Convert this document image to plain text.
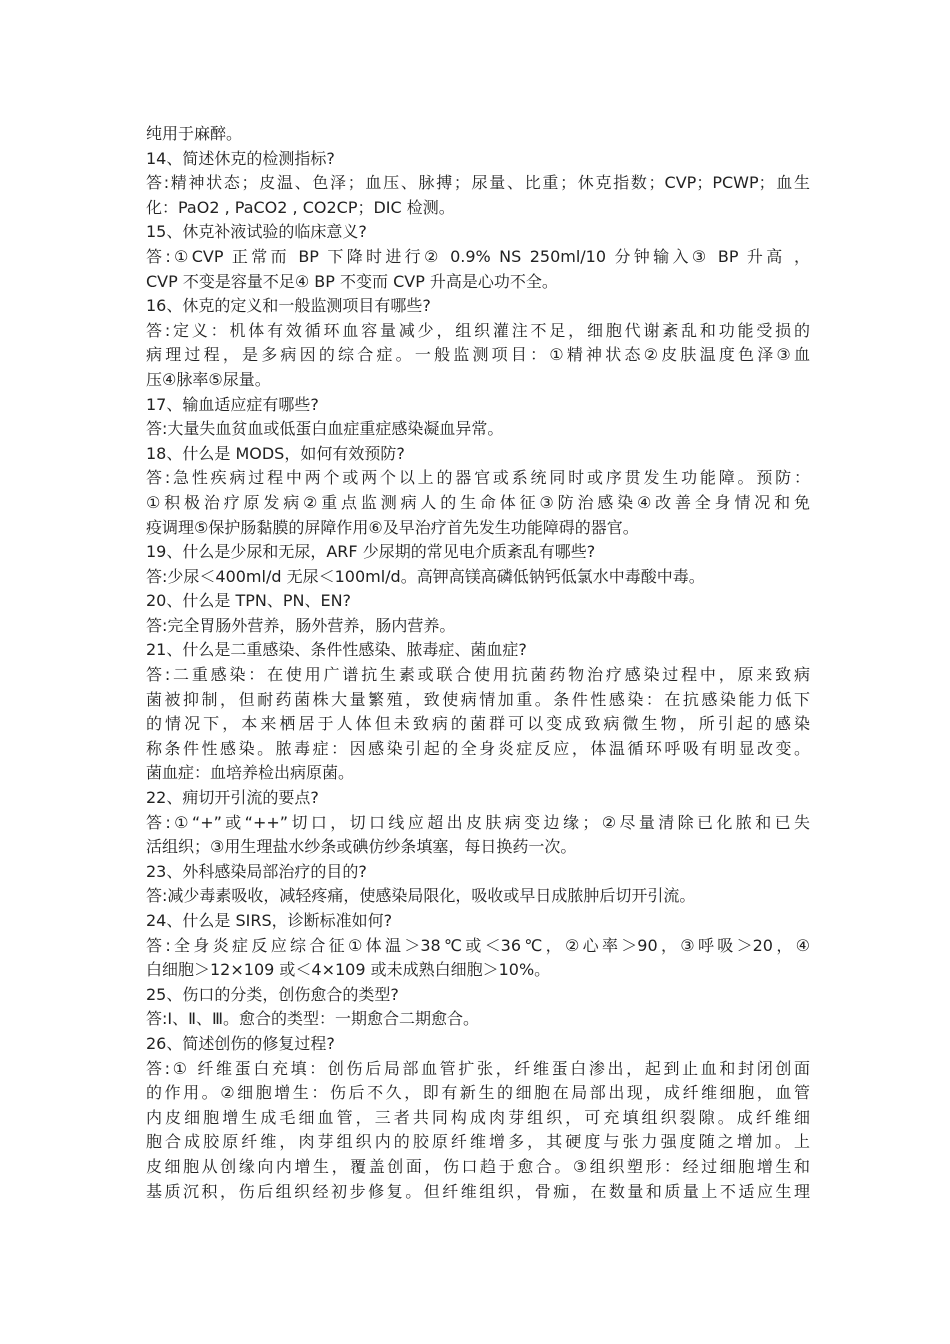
纯用于麻醉。
14、简述休克的检测指标?
答:精神状态；皮温、色泽；血压、脉搏；尿量、比重；休克指数；CVP；PCWP；血生
化：PaO2 , PaCO2 , CO2CP；DIC 检测。
15、休克补液试验的临床意义?
答:①CVP 正常而 BP 下降时进行② 0.9% NS 250ml/10 分钟输入③ BP 升高 ，
CVP 不变是容量不足④ BP 不变而 CVP 升高是心功不全。
16、休克的定义和一般监测项目有哪些?
答:定义：机体有效循环血容量减少，组织灌注不足，细胞代谢紊乱和功能受损的
病理过程，是多病因的综合症。一般监测项目：①精神状态②皮肤温度色泽③血
压④脉率⑤尿量。
17、输血适应症有哪些?
答:大量失血贫血或低蛋白血症重症感染凝血异常。
18、什么是 MODS，如何有效预防?
答:急性疾病过程中两个或两个以上的器官或系统同时或序贯发生功能障。预防：
①积极治疗原发病②重点监测病人的生命体征③防治感染④改善全身情况和免
疫调理⑤保护肠黏膜的屏障作用⑥及早治疗首先发生功能障碍的器官。
19、什么是少尿和无尿，ARF 少尿期的常见电介质紊乱有哪些?
答:少尿＜400ml/d 无尿＜100ml/d。高钾高镁高磷低钠钙低氯水中毒酸中毒。
20、什么是 TPN、PN、EN?
答:完全胃肠外营养，肠外营养，肠内营养。
21、什么是二重感染、条件性感染、脓毒症、菌血症?
答:二重感染：在使用广谱抗生素或联合使用抗菌药物治疗感染过程中，原来致病
菌被抑制，但耐药菌株大量繁殖，致使病情加重。条件性感染：在抗感染能力低下
的情况下，本来栖居于人体但未致病的菌群可以变成致病微生物，所引起的感染
称条件性感染。脓毒症：因感染引起的全身炎症反应，体温循环呼吸有明显改变。
菌血症：血培养检出病原菌。
22、痈切开引流的要点?
答:①“+”或“++”切口，切口线应超出皮肤病变边缘；②尽量清除已化脓和已失
活组织；③用生理盐水纱条或碘仿纱条填塞，每日换药一次。
23、外科感染局部治疗的目的?
答:减少毒素吸收，减轻疼痛，使感染局限化，吸收或早日成脓肿后切开引流。
24、什么是 SIRS，诊断标准如何?
答:全身炎症反应综合征①体温＞38℃或＜36℃，②心率＞90，③呼吸＞20，④
白细胞＞12×109 或＜4×109 或未成熟白细胞＞10%。
25、伤口的分类，创伤愈合的类型?
答:Ⅰ、Ⅱ、Ⅲ。愈合的类型：一期愈合二期愈合。
26、简述创伤的修复过程?
答:① 纤维蛋白充填：创伤后局部血管扩张，纤维蛋白渗出，起到止血和封闭创面
的作用。②细胞增生：伤后不久，即有新生的细胞在局部出现，成纤维细胞，血管
内皮细胞增生成毛细血管，三者共同构成肉芽组织，可充填组织裂隙。成纤维细
胞合成胶原纤维，肉芽组织内的胶原纤维增多，其硬度与张力强度随之增加。上
皮细胞从创缘向内增生，覆盖创面，伤口趋于愈合。③组织塑形：经过细胞增生和
基质沉积，伤后组织经初步修复。但纤维组织，骨痂，在数量和质量上不适应生理
